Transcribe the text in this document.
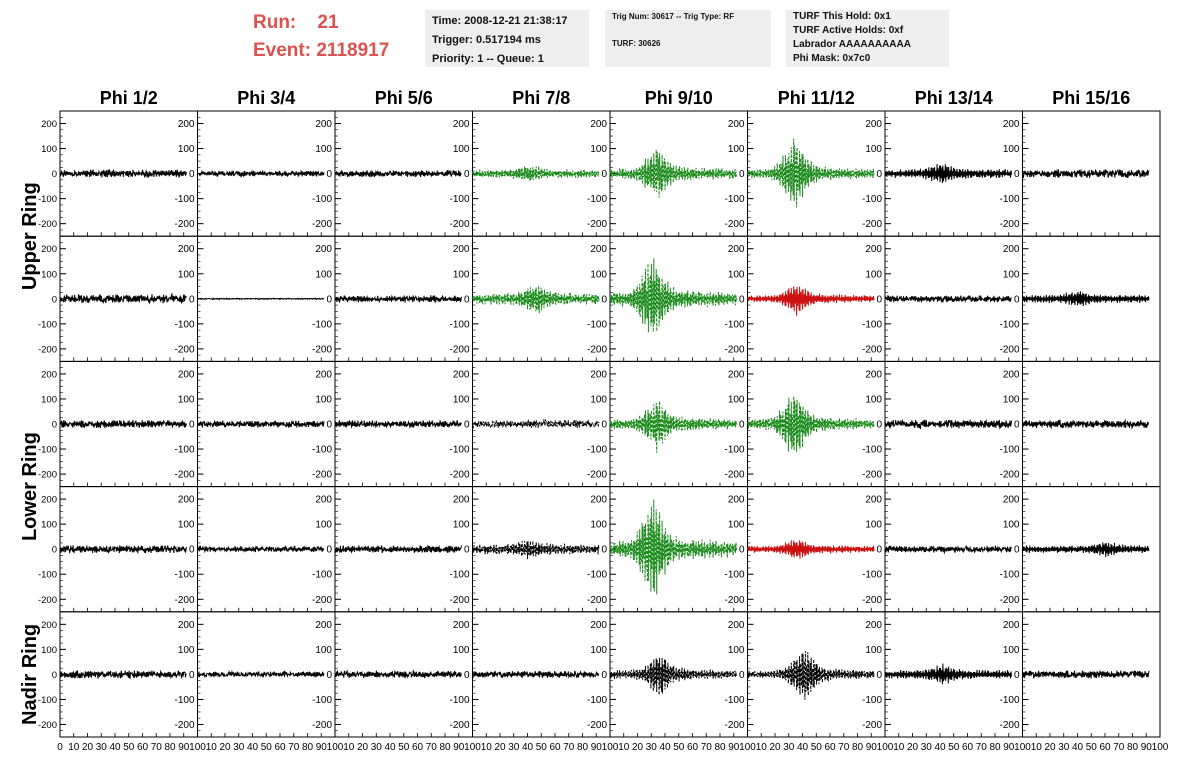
Run: 21
Event: 2118917
Time: 2008-12-21 21:38:17
Trigger: 0.517194 ms
Priority: 1 -- Queue: 1
Trig Num: 30617 -- Trig Type: RF
TURF: 30626
TURF This Hold: 0x1
TURF Active Holds: 0xf
Labrador AAAAAAAAAA
Phi Mask: 0x7c0
Phi 1/2	Phi 3/4	Phi 5/6	Phi 7/8	Phi 9/10	Phi 11/12	Phi 13/14	Phi 15/16
Upper Ring
Lower Ring
Nadir Ring
200
100
0
-100
-200
200
100
0
-100
-200
200
100
0
-100
-200
200
100
0
-100
-200
200
100
0
-100
-200
200
100
0
-100
-200
200
100
0
-100
-200
200
100
0
-100
-200
200
100
0
-100
-200
200
100
0
-100
-200
200
100
0
-100
-200
200
100
0
-100
-200
200
100
0
-100
-200
200
100
0
-100
-200
200
100
0
-100
-200
200
100
0
-100
-200
200
100
0
-100
-200
200
100
0
-100
-200
200
100
0
-100
-200
200
100
0
-100
-200
200
100
0
-100
-200
200
100
0
-100
-200
200
100
0
-100
-200
200
100
0
-100
-200
200
100
0
-100
-200
200
100
0
-100
-200
200
100
0
-100
-200
200
100
0
-100
-200
200
100
0
-100
-200
200
100
0
-100
-200
200
100
0
-100
-200
200
100
0
-100
-200
200
100
0
-100
-200
200
100
0
-100
-200
200
100
0
-100
-200
200
100
0
-100
-200
200
100
0
-100
-200
200
100
0
-100
-200
200
100
0
-100
-200
200
100
0
-100
-200
0 10 20 30 40 50 60 70 80 90 100 10 20 30 40 50 60 70 80 90 100 10 20 30 40 50 60 70 80 90 100 10 20 30 40 50 60 70 80 90 100 10 20 30 40 50 60 70 80 90 100 10 20 30 40 50 60 70 80 90 100 10 20 30 40 50 60 70 80 90 100 10 20 30 40 50 60 70 80 90 100
